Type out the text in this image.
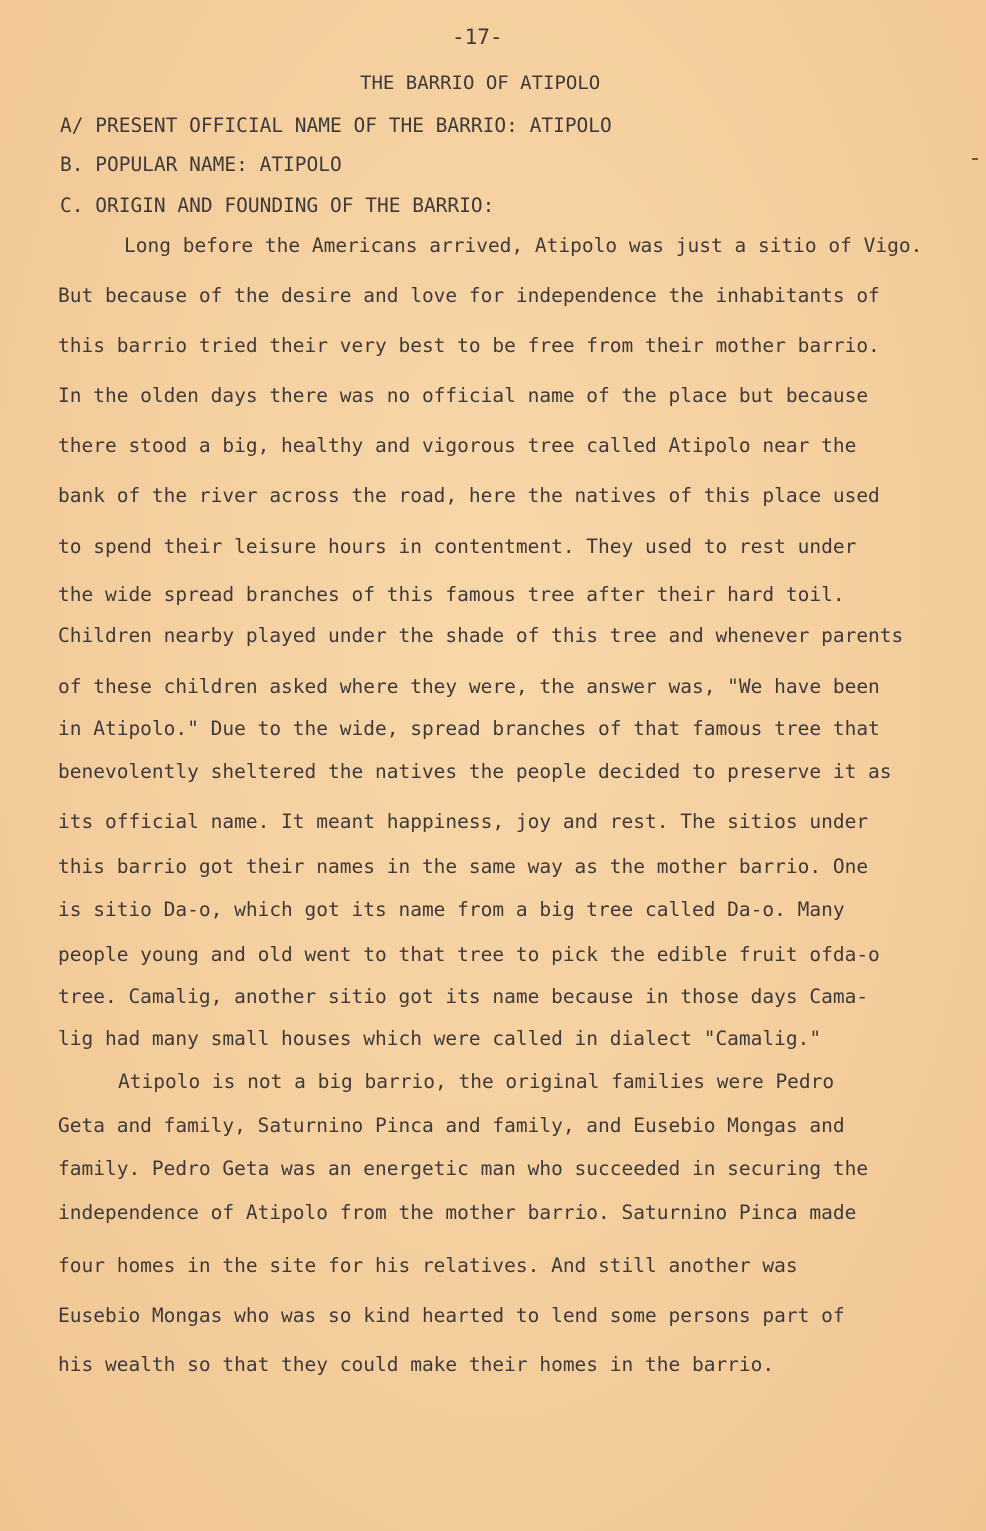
-17-

THE BARRIO OF ATIPOLO

A/ PRESENT OFFICIAL NAME OF THE BARRIO: ATIPOLO

B. POPULAR NAME: ATIPOLO

C. ORIGIN AND FOUNDING OF THE BARRIO:

Long before the Americans arrived, Atipolo was just a sitio of Vigo.

But because of the desire and love for independence the inhabitants of

this barrio tried their very best to be free from their mother barrio.

In the olden days there was no official name of the place but because

there stood a big, healthy and vigorous tree called Atipolo near the

bank of the river across the road, here the natives of this place used

to spend their leisure hours in contentment. They used to rest under

the wide spread branches of this famous tree after their hard toil.

Children nearby played under the shade of this tree and whenever parents

of these children asked where they were, the answer was, "We have been

in Atipolo." Due to the wide, spread branches of that famous tree that

benevolently sheltered the natives the people decided to preserve it as

its official name. It meant happiness, joy and rest. The sitios under

this barrio got their names in the same way as the mother barrio. One

is sitio Da-o, which got its name from a big tree called Da-o. Many

people young and old went to that tree to pick the edible fruit ofda-o

tree. Camalig, another sitio got its name because in those days Cama-

lig had many small houses which were called in dialect "Camalig."

Atipolo is not a big barrio, the original families were Pedro

Geta and family, Saturnino Pinca and family, and Eusebio Mongas and

family. Pedro Geta was an energetic man who succeeded in securing the

independence of Atipolo from the mother barrio. Saturnino Pinca made

four homes in the site for his relatives. And still another was

Eusebio Mongas who was so kind hearted to lend some persons part of

his wealth so that they could make their homes in the barrio.
